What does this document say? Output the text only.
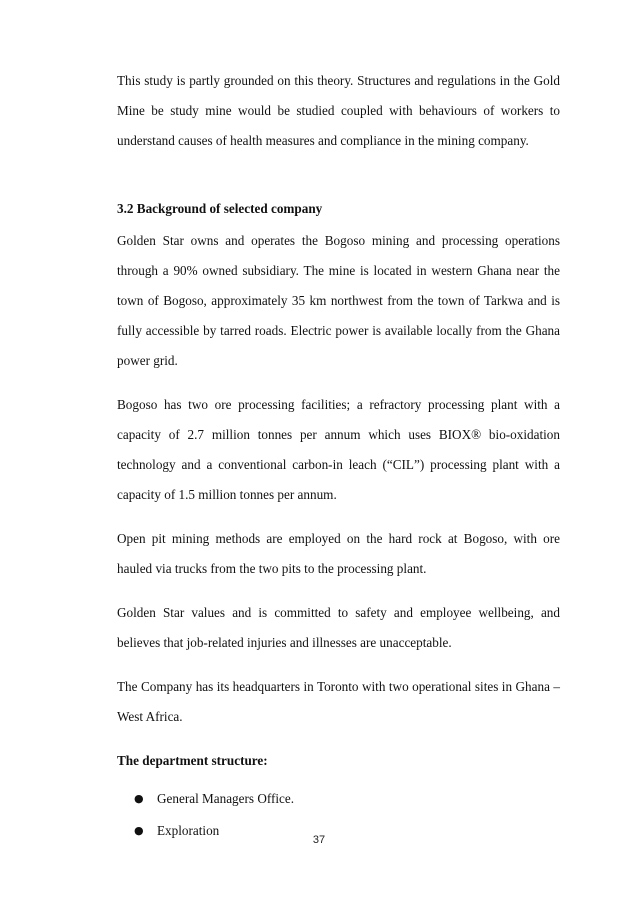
This study is partly grounded on this theory. Structures and regulations in the Gold Mine be study mine would be studied coupled with behaviours of workers to understand causes of health measures and compliance in the mining company.

3.2 Background of selected company

Golden Star owns and operates the Bogoso mining and processing operations through a 90% owned subsidiary. The mine is located in western Ghana near the town of Bogoso, approximately 35 km northwest from the town of Tarkwa and is fully accessible by tarred roads. Electric power is available locally from the Ghana power grid.

Bogoso has two ore processing facilities; a refractory processing plant with a capacity of 2.7 million tonnes per annum which uses BIOX® bio-oxidation technology and a conventional carbon-in leach (“CIL”) processing plant with a capacity of 1.5 million tonnes per annum.

Open pit mining methods are employed on the hard rock at Bogoso, with ore hauled via trucks from the two pits to the processing plant.

Golden Star values and is committed to safety and employee wellbeing, and believes that job-related injuries and illnesses are unacceptable.

The Company has its headquarters in Toronto with two operational sites in Ghana – West Africa.

The department structure:

● General Managers Office.
● Exploration
37
